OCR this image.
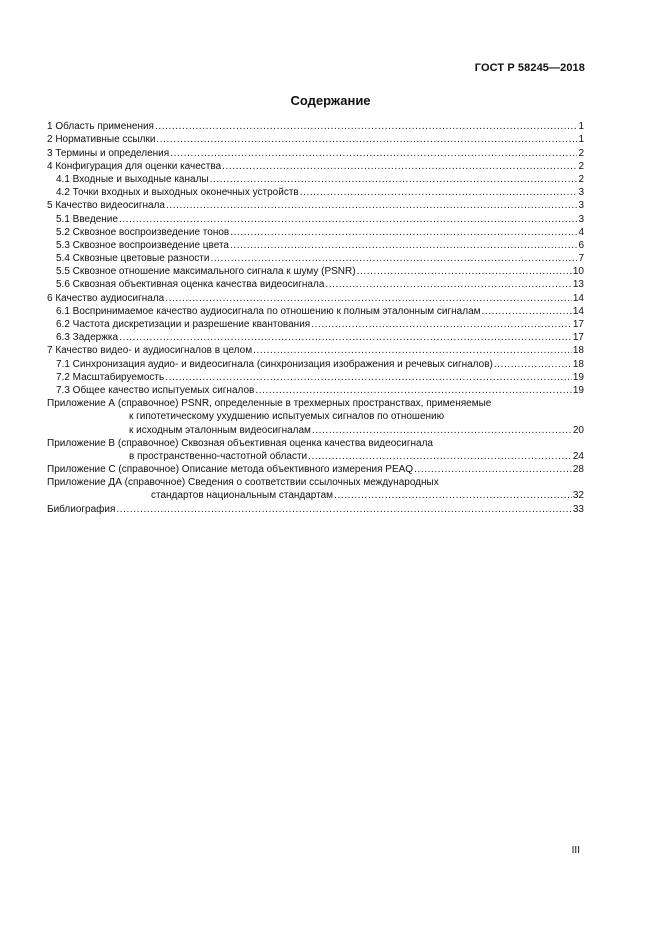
ГОСТ Р 58245—2018
Содержание
1 Область применения .....	1
2 Нормативные ссылки .....	1
3 Термины и определения .....	2
4 Конфигурация для оценки качества .....	2
4.1 Входные и выходные каналы .....	2
4.2 Точки входных и выходных оконечных устройств .....	3
5 Качество видеосигнала .....	3
5.1 Введение .....	3
5.2 Сквозное воспроизведение тонов .....	4
5.3 Сквозное воспроизведение цвета .....	6
5.4 Сквозные цветовые разности .....	7
5.5 Сквозное отношение максимального сигнала к шуму (PSNR) .....	10
5.6 Сквозная объективная оценка качества видеосигнала .....	13
6 Качество аудиосигнала .....	14
6.1 Воспринимаемое качество аудиосигнала по отношению к полным эталонным сигналам .....	14
6.2 Частота дискретизации и разрешение квантования .....	17
6.3 Задержка .....	17
7 Качество видео- и аудиосигналов в целом .....	18
7.1 Синхронизация аудио- и видеосигнала (синхронизация изображения и речевых сигналов) .....	18
7.2 Масштабируемость .....	19
7.3 Общее качество испытуемых сигналов .....	19
Приложение А (справочное) PSNR, определенные в трехмерных пространствах, применяемые
к гипотетическому ухудшению испытуемых сигналов по отношению
к исходным эталонным видеосигналам .....	20
Приложение В (справочное) Сквозная объективная оценка качества видеосигнала
в пространственно-частотной области .....	24
Приложение С (справочное) Описание метода объективного измерения PEAQ .....	28
Приложение ДА (справочное) Сведения о соответствии ссылочных международных
стандартов национальным стандартам .....	32
Библиография .....	33
III
